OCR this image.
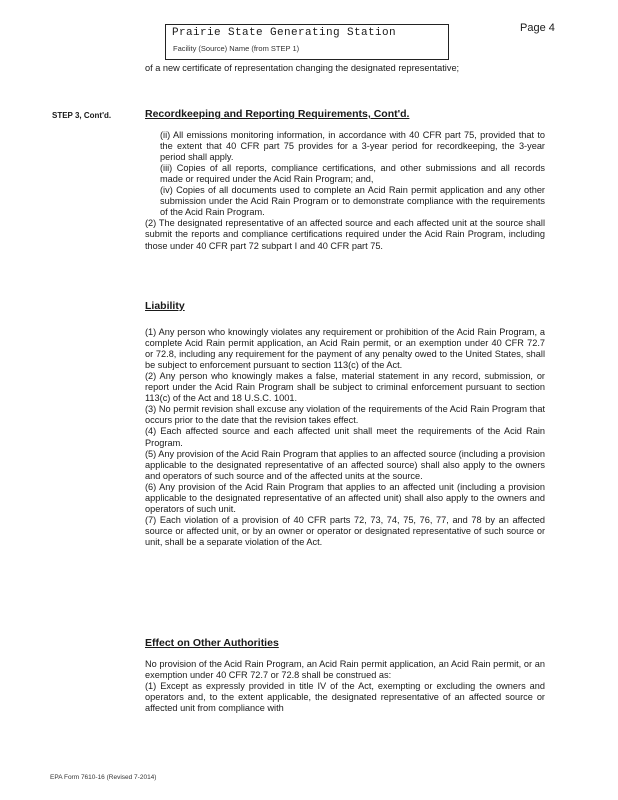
Prairie State Generating Station
Facility (Source) Name (from STEP 1)
Page 4

of a new certificate of representation changing the designated representative;

STEP 3, Cont'd.	Recordkeeping and Reporting Requirements, Cont'd.

(ii) All emissions monitoring information, in accordance with 40 CFR part 75, provided that to the extent that 40 CFR part 75 provides for a 3-year period for recordkeeping, the 3-year period shall apply.

(iii) Copies of all reports, compliance certifications, and other submissions and all records made or required under the Acid Rain Program; and,

(iv) Copies of all documents used to complete an Acid Rain permit application and any other submission under the Acid Rain Program or to demonstrate compliance with the requirements of the Acid Rain Program.

(2) The designated representative of an affected source and each affected unit at the source shall submit the reports and compliance certifications required under the Acid Rain Program, including those under 40 CFR part 72 subpart I and 40 CFR part 75.

Liability

(1) Any person who knowingly violates any requirement or prohibition of the Acid Rain Program, a complete Acid Rain permit application, an Acid Rain permit, or an exemption under 40 CFR 72.7 or 72.8, including any requirement for the payment of any penalty owed to the United States, shall be subject to enforcement pursuant to section 113(c) of the Act.

(2) Any person who knowingly makes a false, material statement in any record, submission, or report under the Acid Rain Program shall be subject to criminal enforcement pursuant to section 113(c) of the Act and 18 U.S.C. 1001.

(3) No permit revision shall excuse any violation of the requirements of the Acid Rain Program that occurs prior to the date that the revision takes effect.

(4) Each affected source and each affected unit shall meet the requirements of the Acid Rain Program.

(5) Any provision of the Acid Rain Program that applies to an affected source (including a provision applicable to the designated representative of an affected source) shall also apply to the owners and operators of such source and of the affected units at the source.

(6) Any provision of the Acid Rain Program that applies to an affected unit (including a provision applicable to the designated representative of an affected unit) shall also apply to the owners and operators of such unit.

(7) Each violation of a provision of 40 CFR parts 72, 73, 74, 75, 76, 77, and 78 by an affected source or affected unit, or by an owner or operator or designated representative of such source or unit, shall be a separate violation of the Act.

Effect on Other Authorities

No provision of the Acid Rain Program, an Acid Rain permit application, an Acid Rain permit, or an exemption under 40 CFR 72.7 or 72.8 shall be construed as:

(1) Except as expressly provided in title IV of the Act, exempting or excluding the owners and operators and, to the extent applicable, the designated representative of an affected source or affected unit from compliance with

EPA Form 7610-16 (Revised 7-2014)
